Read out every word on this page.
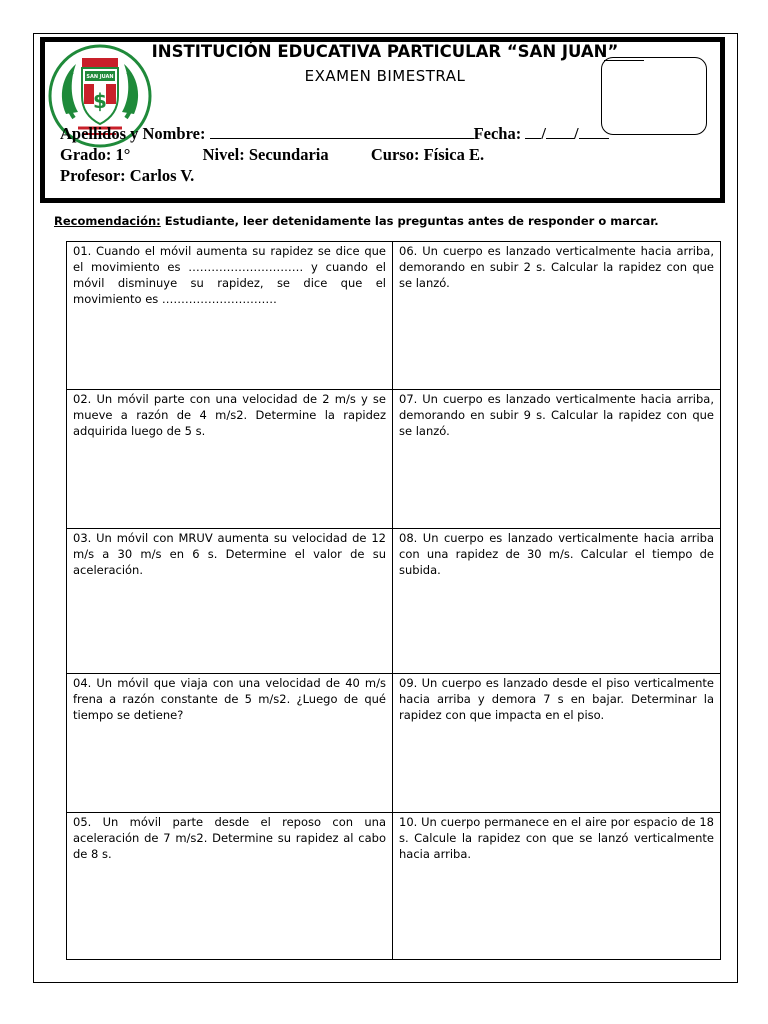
$
SAN JUAN
INSTITUCIÓN EDUCATIVA PARTICULAR “SAN JUAN”
EXAMEN BIMESTRAL
Apellidos y Nombre:	Fecha: / /
Grado: 1°	Nivel: Secundaria	Curso: Física E.
Profesor: Carlos V.
Recomendación: Estudiante, leer detenidamente las preguntas antes de responder o marcar.
01. Cuando el móvil aumenta su rapidez se dice que el movimiento es ………………………… y cuando el móvil disminuye su rapidez, se dice que el movimiento es …………………………	06. Un cuerpo es lanzado verticalmente hacia arriba, demorando en subir 2 s. Calcular la rapidez con que se lanzó.
02. Un móvil parte con una velocidad de 2 m/s y se mueve a razón de 4 m/s2. Determine la rapidez adquirida luego de 5 s.	07. Un cuerpo es lanzado verticalmente hacia arriba, demorando en subir 9 s. Calcular la rapidez con que se lanzó.
03. Un móvil con MRUV aumenta su velocidad de 12 m/s a 30 m/s en 6 s. Determine el valor de su aceleración.	08. Un cuerpo es lanzado verticalmente hacia arriba con una rapidez de 30 m/s. Calcular el tiempo de subida.
04. Un móvil que viaja con una velocidad de 40 m/s frena a razón constante de 5 m/s2. ¿Luego de qué tiempo se detiene?	09. Un cuerpo es lanzado desde el piso verticalmente hacia arriba y demora 7 s en bajar. Determinar la rapidez con que impacta en el piso.
05. Un móvil parte desde el reposo con una aceleración de 7 m/s2. Determine su rapidez al cabo de 8 s.	10. Un cuerpo permanece en el aire por espacio de 18 s. Calcule la rapidez con que se lanzó verticalmente hacia arriba.
